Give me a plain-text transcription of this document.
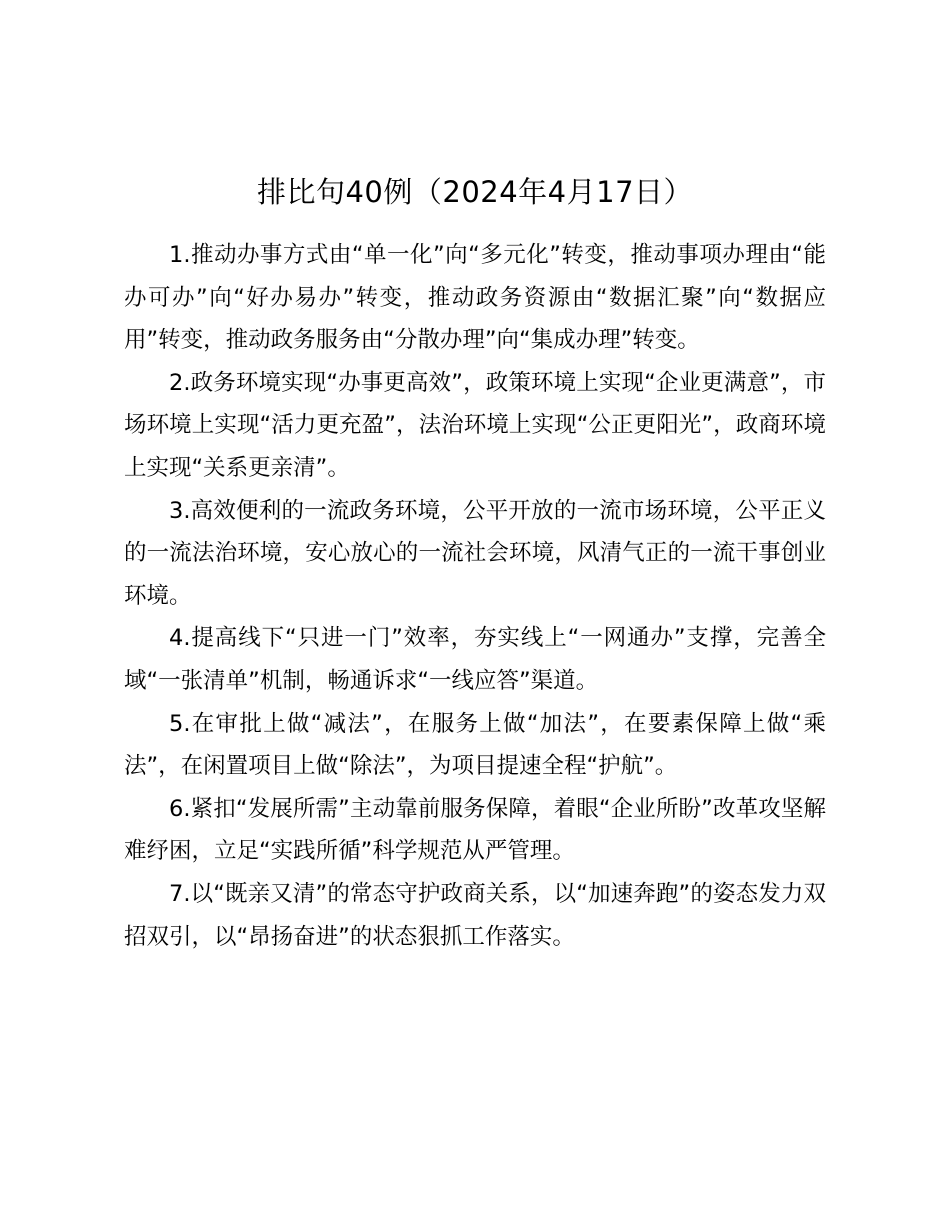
排比句40例（2024年4月17日）

1.推动办事方式由“单一化”向“多元化”转变，推动事项办理由“能办可办”向“好办易办”转变，推动政务资源由“数据汇聚”向“数据应用”转变，推动政务服务由“分散办理”向“集成办理”转变。

2.政务环境实现“办事更高效”，政策环境上实现“企业更满意”，市场环境上实现“活力更充盈”，法治环境上实现“公正更阳光”，政商环境上实现“关系更亲清”。

3.高效便利的一流政务环境，公平开放的一流市场环境，公平正义的一流法治环境，安心放心的一流社会环境，风清气正的一流干事创业环境。

4.提高线下“只进一门”效率，夯实线上“一网通办”支撑，完善全域“一张清单”机制，畅通诉求“一线应答”渠道。

5.在审批上做“减法”，在服务上做“加法”，在要素保障上做“乘法”，在闲置项目上做“除法”，为项目提速全程“护航”。

6.紧扣“发展所需”主动靠前服务保障，着眼“企业所盼”改革攻坚解难纾困，立足“实践所循”科学规范从严管理。

7.以“既亲又清”的常态守护政商关系，以“加速奔跑”的姿态发力双招双引，以“昂扬奋进”的状态狠抓工作落实。
